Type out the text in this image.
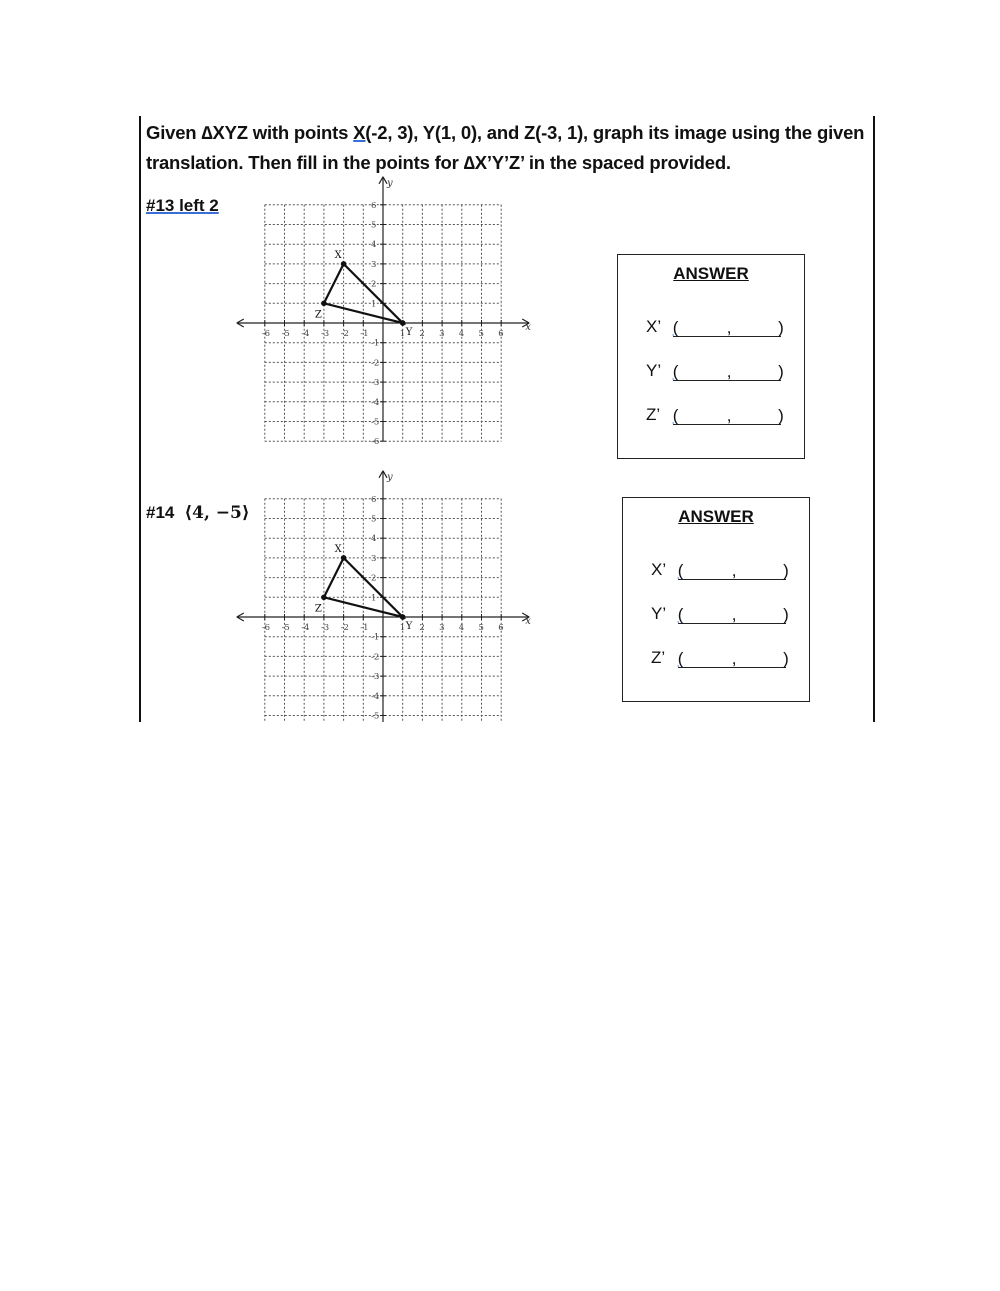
Given ∆XYZ with points X(-2, 3), Y(1, 0), and Z(-3, 1), graph its image using the given translation. Then fill in the points for ∆X’Y’Z’ in the spaced provided.
#13 left 2
x
y
-6 -5 -4 -3 -2 -1	1 2 3 4 5 6
6
5
4
3
2
1
-1
-2
-3
-4
-5
-6
X
Y
Z
ANSWER
X’ (	,	)
Y’ (	,	)
Z’ (	,	)
#14 ⟨4, −5⟩
x
y
-6 -5 -4 -3 -2 -1	1 2 3 4 5 6
6
5
4
3
2
1
-1
-2
-3
-4
-5
X
Y
Z
ANSWER
X’ (	,	)
Y’ (	,	)
Z’ (	,	)
